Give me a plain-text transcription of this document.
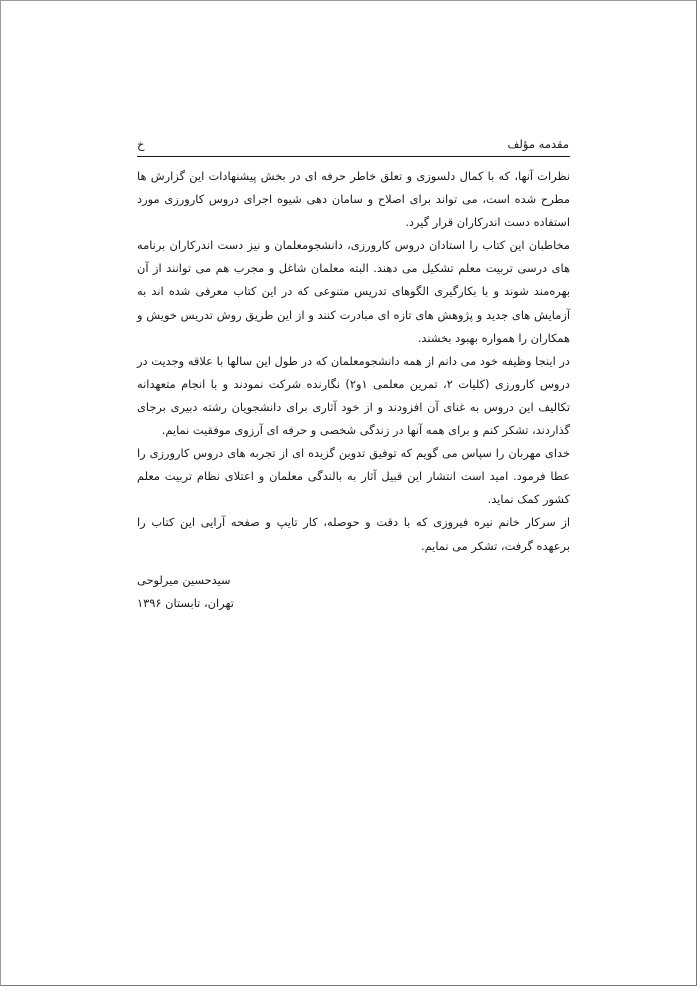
مقدمه مؤلف
خ

نظرات آنها، که با کمال دلسوزی و تعلق خاطر حرفه ای در بخش پیشنهادات این گزارش ها مطرح شده است، می تواند برای اصلاح و سامان دهی شیوه اجرای دروس کارورزی مورد استفاده دست اندرکاران قرار گیرد.

مخاطبان این کتاب را استادان دروس کارورزی، دانشجومعلمان و نیز دست اندرکاران برنامه های درسی تربیت معلم تشکیل می دهند. البته معلمان شاغل و مجرب هم می توانند از آن بهره‌مند شوند و با بکارگیری الگوهای تدریس متنوعی که در این کتاب معرفی شده اند به آزمایش های جدید و پژوهش های تازه ای مبادرت کنند و از این طریق روش تدریس خویش و همکاران را همواره بهبود بخشند.

در اینجا وظیفه خود می دانم از همه دانشجومعلمان که در طول این سالها با علاقه وجدیت در دروس کارورزی (کلیات ۲، تمرین معلمی ۱و۲) نگارنده شرکت نمودند و با انجام متعهدانه تکالیف این دروس به غنای آن افزودند و از خود آثاری برای دانشجویان رشته دبیری برجای گذاردند، تشکر کنم و برای همه آنها در زندگی شخصی و حرفه ای آرزوی موفقیت نمایم.

خدای مهربان را سپاس می گویم که توفیق تدوین گزیده ای از تجربه های دروس کارورزی را عطا فرمود. امید است انتشار این قبیل آثار به بالندگی معلمان و اعتلای نظام تربیت معلم کشور کمک نماید.

از سرکار خانم نیره فیروزی که با دقت و حوصله، کار تایپ و صفحه آرایی این کتاب را برعهده گرفت، تشکر می نمایم.

سیدحسین میرلوحی
تهران، تابستان ۱۳۹۶
